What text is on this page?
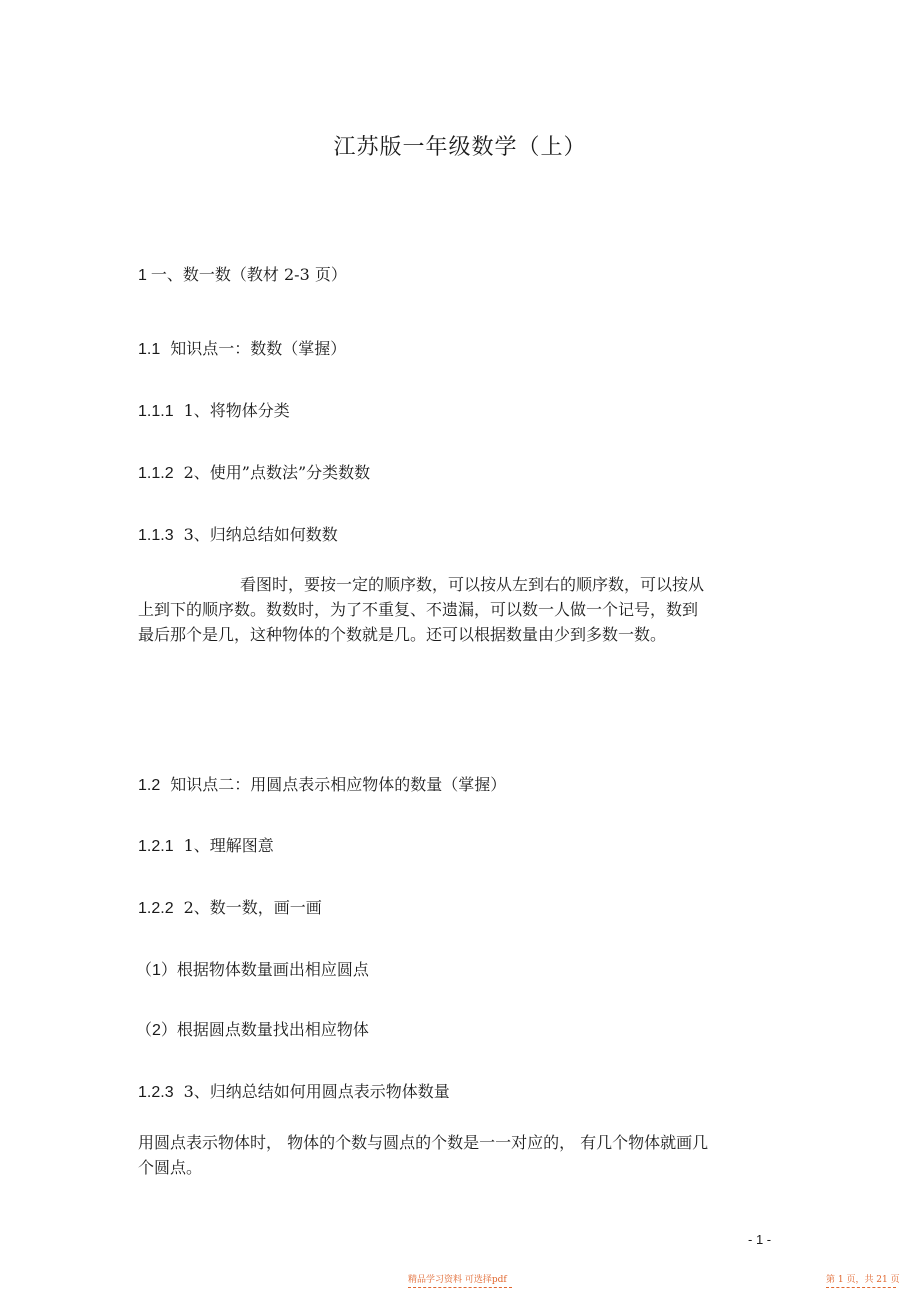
江苏版一年级数学（上）
1 一、数一数（教材 2-3 页）
1.1 知识点一：数数（掌握）
1.1.1 1、将物体分类
1.1.2 2、使用”点数法”分类数数
1.1.3 3、归纳总结如何数数
看图时，要按一定的顺序数，可以按从左到右的顺序数，可以按从
上到下的顺序数。数数时，为了不重复、不遗漏，可以数一人做一个记号，数到
最后那个是几，这种物体的个数就是几。还可以根据数量由少到多数一数。
1.2 知识点二：用圆点表示相应物体的数量（掌握）
1.2.1 1、理解图意
1.2.2 2、数一数，画一画
（1）根据物体数量画出相应圆点
（2）根据圆点数量找出相应物体
1.2.3 3、归纳总结如何用圆点表示物体数量
用圆点表示物体时， 物体的个数与圆点的个数是一一对应的， 有几个物体就画几
个圆点。
- 1 -
精品学习资料 可选择pdf	第 1 页，共 21 页
